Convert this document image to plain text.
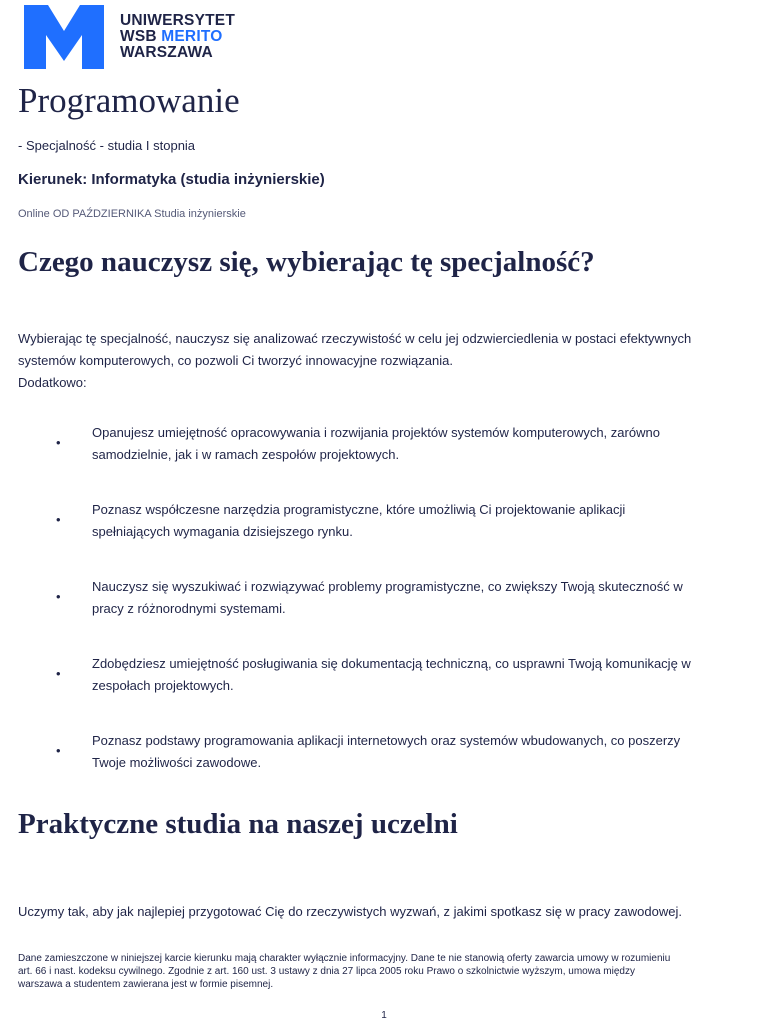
UNIWERSYTET
WSB MERITO
WARSZAWA
Programowanie
- Specjalność - studia I stopnia
Kierunek: Informatyka (studia inżynierskie)
Online OD PAŹDZIERNIKA Studia inżynierskie
Czego nauczysz się, wybierając tę specjalność?
Wybierając tę specjalność, nauczysz się analizować rzeczywistość w celu jej odzwierciedlenia w postaci efektywnych
systemów komputerowych, co pozwoli Ci tworzyć innowacyjne rozwiązania.
Dodatkowo:
•
Opanujesz umiejętność opracowywania i rozwijania projektów systemów komputerowych, zarówno
samodzielnie, jak i w ramach zespołów projektowych.
•
Poznasz współczesne narzędzia programistyczne, które umożliwią Ci projektowanie aplikacji
spełniających wymagania dzisiejszego rynku.
•
Nauczysz się wyszukiwać i rozwiązywać problemy programistyczne, co zwiększy Twoją skuteczność w
pracy z różnorodnymi systemami.
•
Zdobędziesz umiejętność posługiwania się dokumentacją techniczną, co usprawni Twoją komunikację w
zespołach projektowych.
•
Poznasz podstawy programowania aplikacji internetowych oraz systemów wbudowanych, co poszerzy
Twoje możliwości zawodowe.
Praktyczne studia na naszej uczelni
Uczymy tak, aby jak najlepiej przygotować Cię do rzeczywistych wyzwań, z jakimi spotkasz się w pracy zawodowej.
Dane zamieszczone w niniejszej karcie kierunku mają charakter wyłącznie informacyjny. Dane te nie stanowią oferty zawarcia umowy w rozumieniu
art. 66 i nast. kodeksu cywilnego. Zgodnie z art. 160 ust. 3 ustawy z dnia 27 lipca 2005 roku Prawo o szkolnictwie wyższym, umowa między
warszawa a studentem zawierana jest w formie pisemnej.
1
